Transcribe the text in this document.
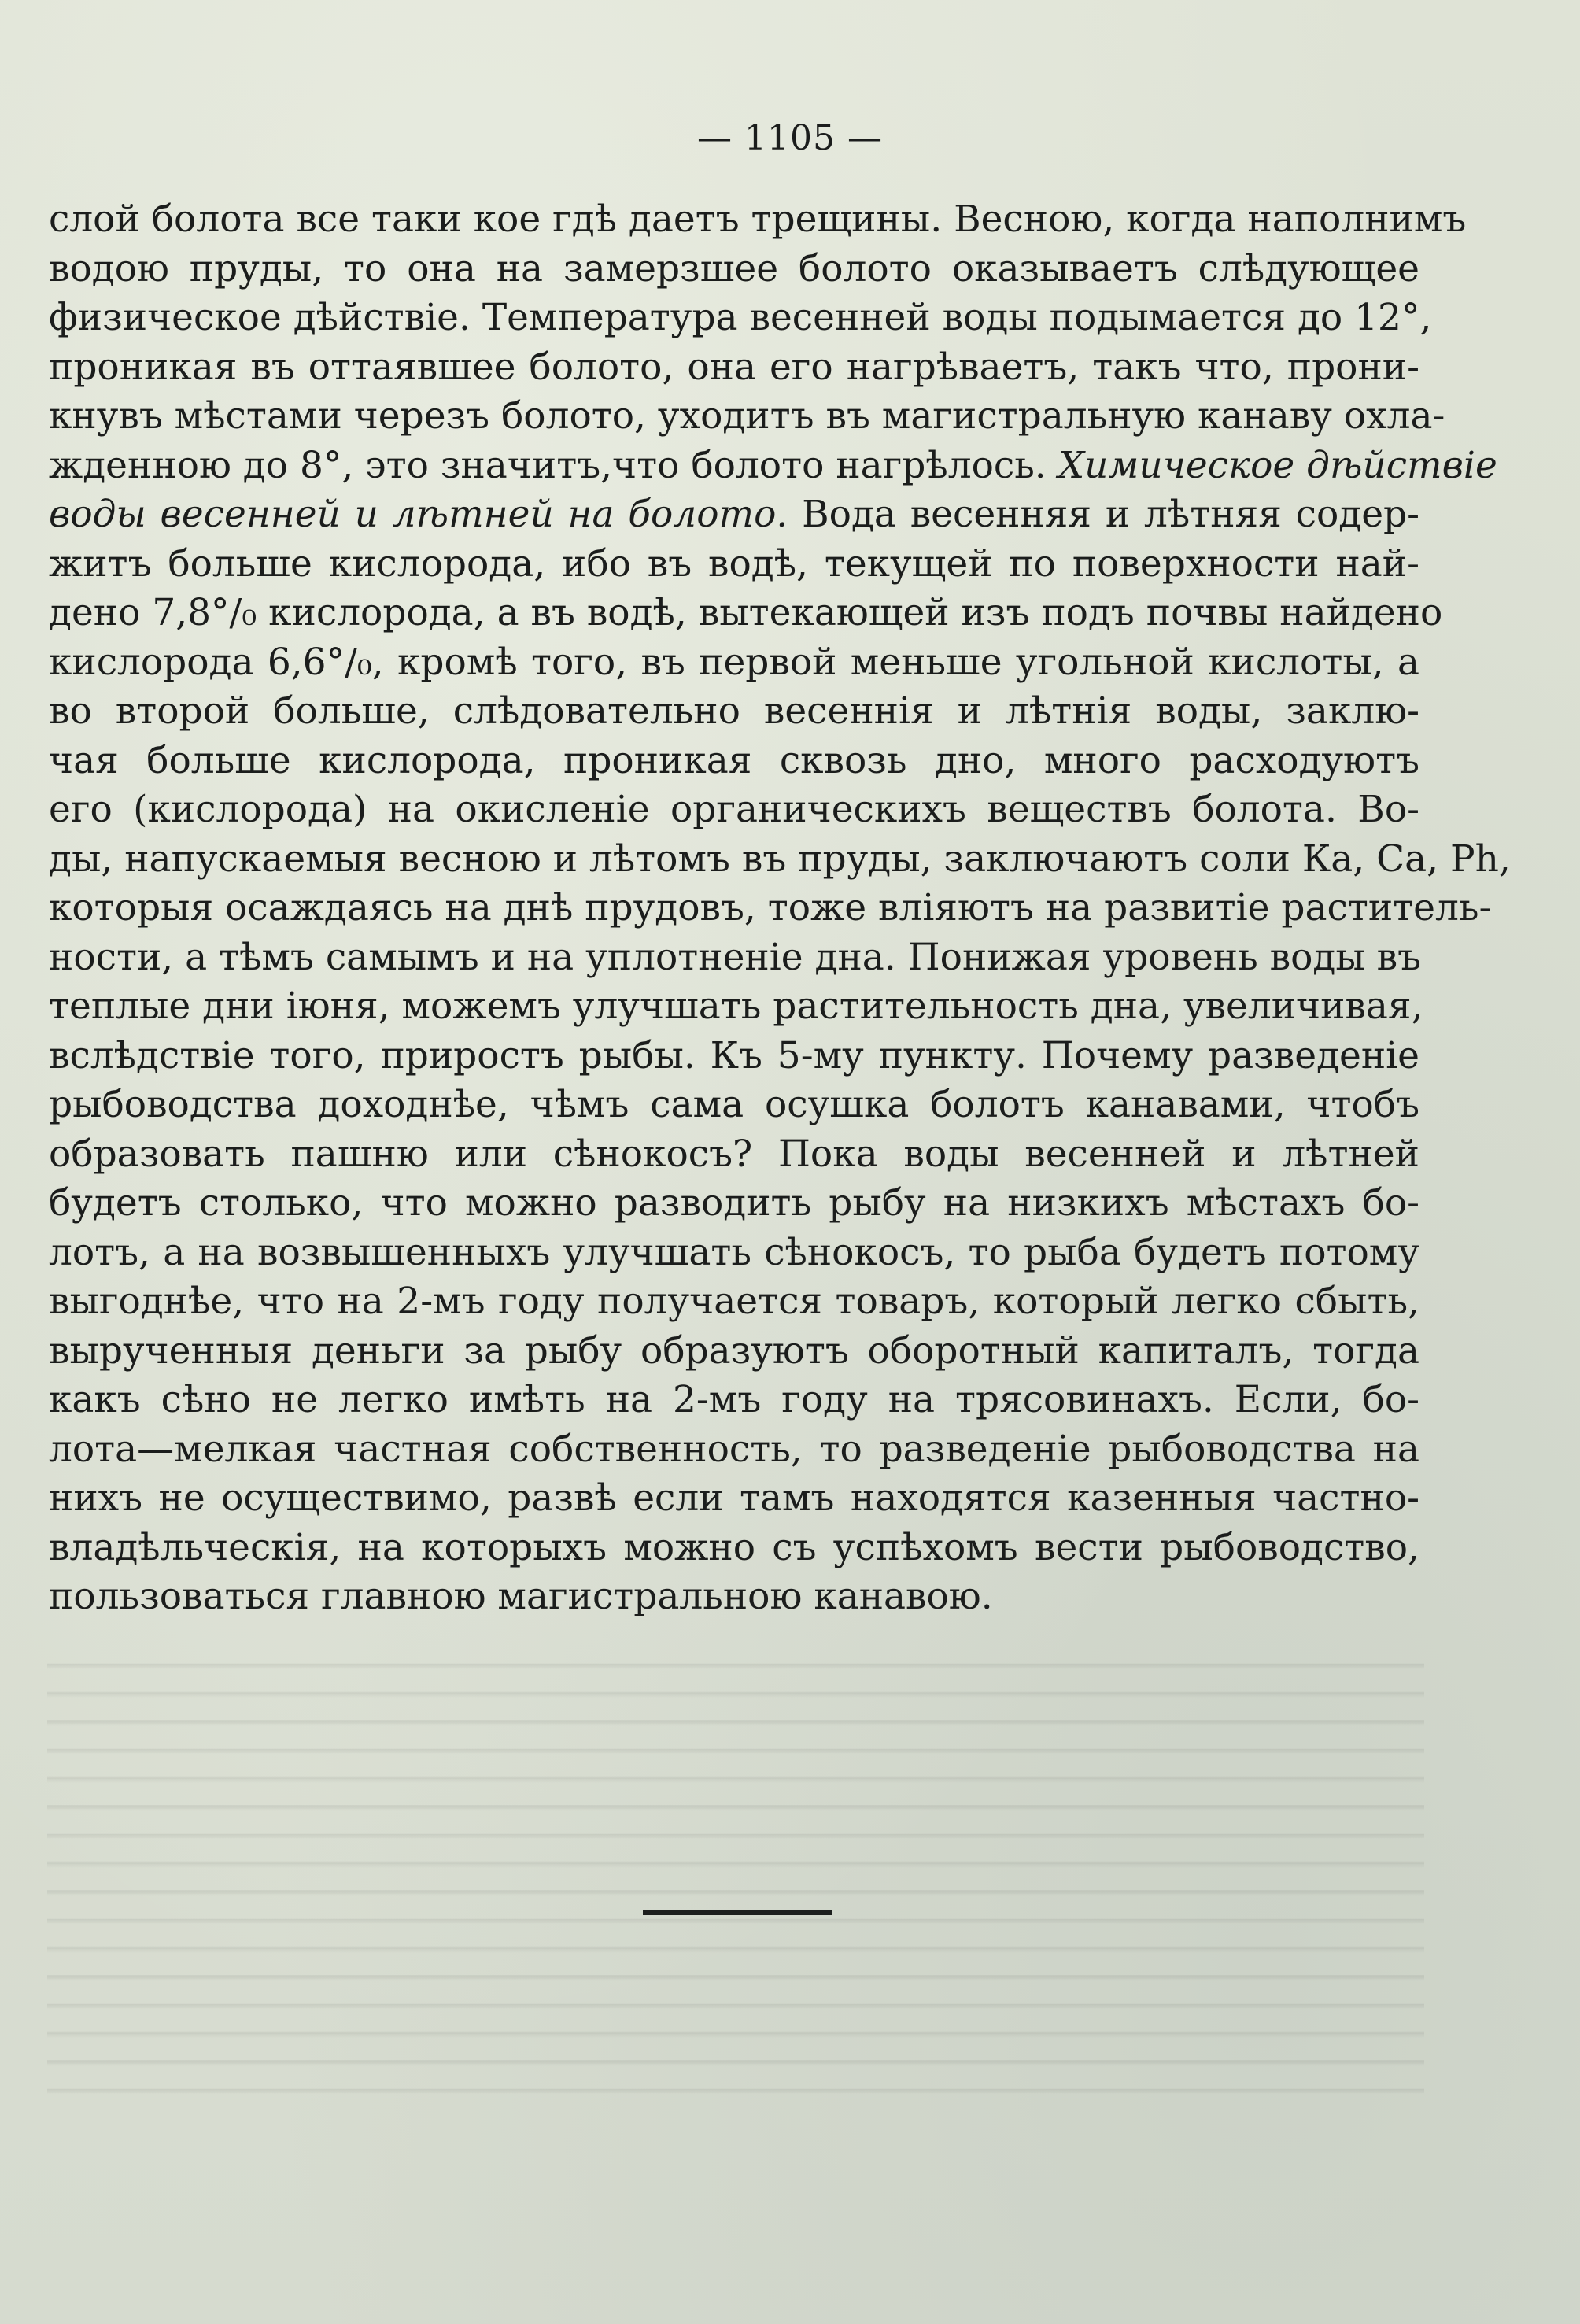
— 1105 —
слой болота все таки кое гдѣ даетъ трещины. Весною, когда наполнимъ
водою пруды, то она на замерзшее болото оказываетъ слѣдующее
физическое дѣйствіе. Температура весенней воды подымается до 12°,
проникая въ оттаявшее болото, она его нагрѣваетъ, такъ что, прони-
кнувъ мѣстами черезъ болото, уходитъ въ магистральную канаву охла-
жденною до 8°, это значитъ,что болото нагрѣлось. Химическое дѣйствіе
воды весенней и лѣтней на болото. Вода весенняя и лѣтняя содер-
житъ больше кислорода, ибо въ водѣ, текущей по поверхности най-
дено 7,8°/₀ кислорода, а въ водѣ, вытекающей изъ подъ почвы найдено
кислорода 6,6°/₀, кромѣ того, въ первой меньше угольной кислоты, а
во второй больше, слѣдовательно весеннія и лѣтнія воды, заклю-
чая больше кислорода, проникая сквозь дно, много расходуютъ
его (кислорода) на окисленіе органическихъ веществъ болота. Во-
ды, напускаемыя весною и лѣтомъ въ пруды, заключаютъ соли Ка, Са, Ph,
которыя осаждаясь на днѣ прудовъ, тоже вліяютъ на развитіе раститель-
ности, а тѣмъ самымъ и на уплотненіе дна. Понижая уровень воды въ
теплые дни іюня, можемъ улучшать растительность дна, увеличивая,
вслѣдствіе того, приростъ рыбы. Къ 5-му пункту. Почему разведеніе
рыбоводства доходнѣе, чѣмъ сама осушка болотъ канавами, чтобъ
образовать пашню или сѣнокосъ? Пока воды весенней и лѣтней
будетъ столько, что можно разводить рыбу на низкихъ мѣстахъ бо-
лотъ, а на возвышенныхъ улучшать сѣнокосъ, то рыба будетъ потому
выгоднѣе, что на 2-мъ году получается товаръ, который легко сбыть,
вырученныя деньги за рыбу образуютъ оборотный капиталъ, тогда
какъ сѣно не легко имѣть на 2-мъ году на трясовинахъ. Если, бо-
лота—мелкая частная собственность, то разведеніе рыбоводства на
нихъ не осуществимо, развѣ если тамъ находятся казенныя частно-
владѣльческія, на которыхъ можно съ успѣхомъ вести рыбоводство,
пользоваться главною магистральною канавою.
